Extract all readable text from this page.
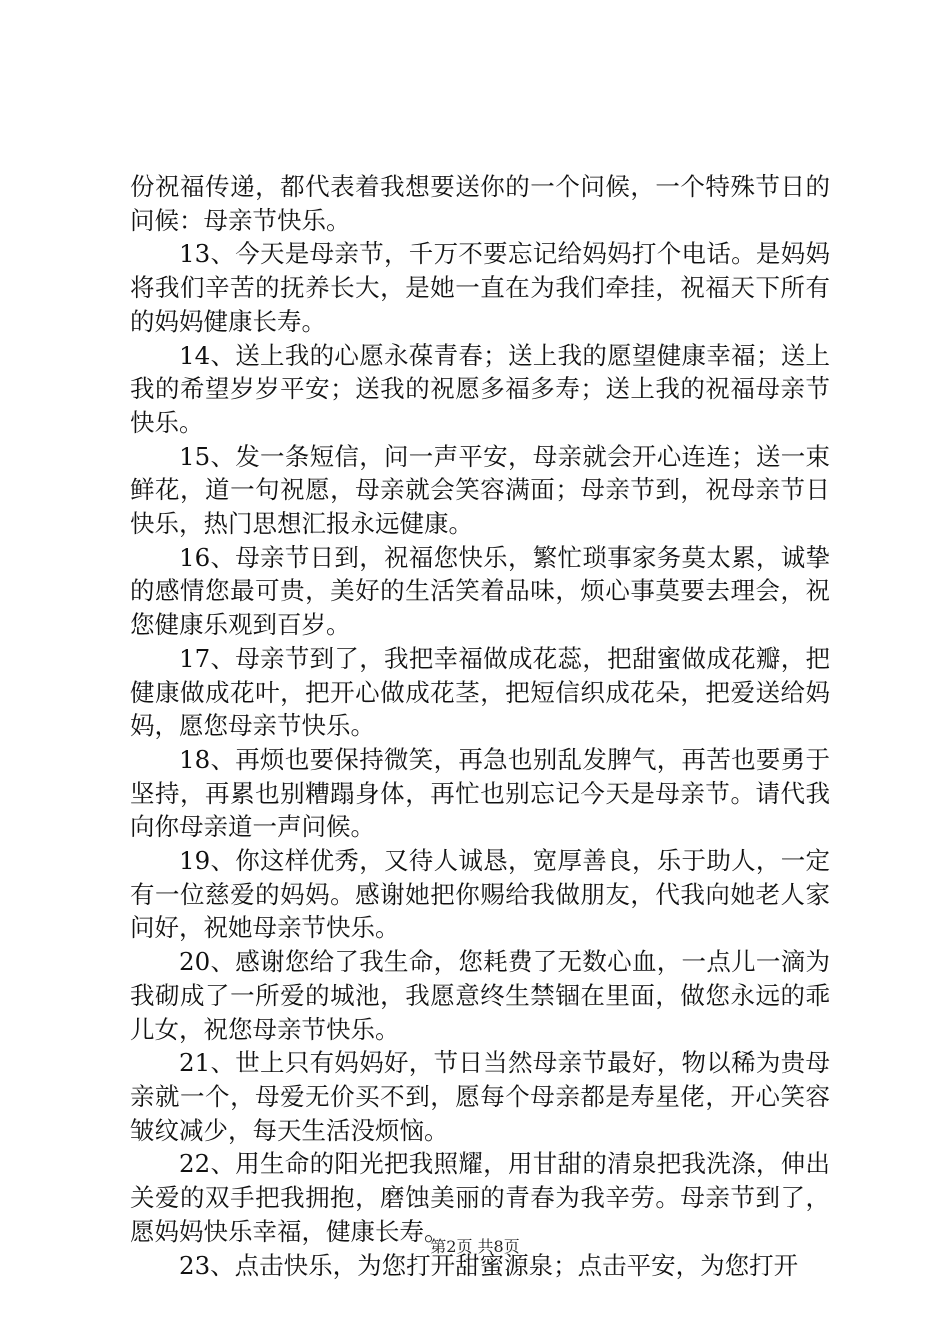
份祝福传递，都代表着我想要送你的一个问候，一个特殊节日的问候：母亲节快乐。

13、今天是母亲节，千万不要忘记给妈妈打个电话。是妈妈将我们辛苦的抚养长大，是她一直在为我们牵挂，祝福天下所有的妈妈健康长寿。

14、送上我的心愿永葆青春；送上我的愿望健康幸福；送上我的希望岁岁平安；送我的祝愿多福多寿；送上我的祝福母亲节快乐。

15、发一条短信，问一声平安，母亲就会开心连连；送一束鲜花，道一句祝愿，母亲就会笑容满面；母亲节到，祝母亲节日快乐，热门思想汇报永远健康。

16、母亲节日到，祝福您快乐，繁忙琐事家务莫太累，诚挚的感情您最可贵，美好的生活笑着品味，烦心事莫要去理会，祝您健康乐观到百岁。

17、母亲节到了，我把幸福做成花蕊，把甜蜜做成花瓣，把健康做成花叶，把开心做成花茎，把短信织成花朵，把爱送给妈妈，愿您母亲节快乐。

18、再烦也要保持微笑，再急也别乱发脾气，再苦也要勇于坚持，再累也别糟蹋身体，再忙也别忘记今天是母亲节。请代我向你母亲道一声问候。

19、你这样优秀，又待人诚恳，宽厚善良，乐于助人，一定有一位慈爱的妈妈。感谢她把你赐给我做朋友，代我向她老人家问好，祝她母亲节快乐。

20、感谢您给了我生命，您耗费了无数心血，一点儿一滴为我砌成了一所爱的城池，我愿意终生禁锢在里面，做您永远的乖儿女，祝您母亲节快乐。

21、世上只有妈妈好，节日当然母亲节最好，物以稀为贵母亲就一个，母爱无价买不到，愿每个母亲都是寿星佬，开心笑容皱纹减少，每天生活没烦恼。

22、用生命的阳光把我照耀，用甘甜的清泉把我洗涤，伸出关爱的双手把我拥抱，磨蚀美丽的青春为我辛劳。母亲节到了，愿妈妈快乐幸福，健康长寿。

23、点击快乐，为您打开甜蜜源泉；点击平安，为您打开

第2页 共8页
